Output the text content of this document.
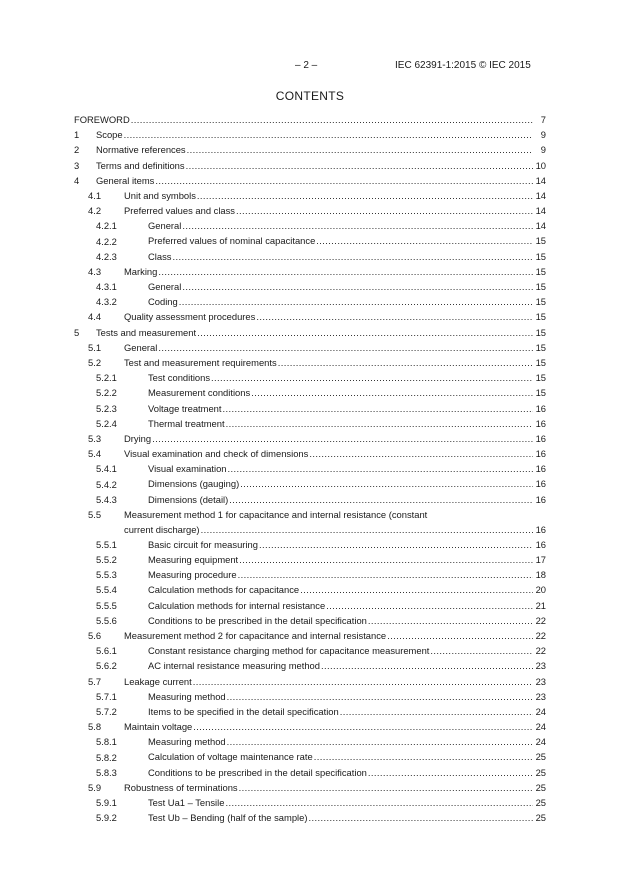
– 2 –	IEC 62391-1:2015 © IEC 2015
CONTENTS
FOREWORD .....	7
1 Scope .....	9
2 Normative references .....	9
3 Terms and definitions .....	10
4 General items .....	14
4.1 Unit and symbols .....	14
4.2 Preferred values and class .....	14
4.2.1	General .....	14
4.2.2	Preferred values of nominal capacitance .....	15
4.2.3	Class .....	15
4.3 Marking .....	15
4.3.1	General .....	15
4.3.2	Coding .....	15
4.4 Quality assessment procedures .....	15
5 Tests and measurement .....	15
5.1 General .....	15
5.2 Test and measurement requirements .....	15
5.2.1	Test conditions .....	15
5.2.2	Measurement conditions .....	15
5.2.3	Voltage treatment .....	16
5.2.4	Thermal treatment .....	16
5.3 Drying .....	16
5.4 Visual examination and check of dimensions .....	16
5.4.1	Visual examination .....	16
5.4.2	Dimensions (gauging) .....	16
5.4.3	Dimensions (detail) .....	16
5.5 Measurement method 1 for capacitance and internal resistance (constant
current discharge) .....	16
5.5.1	Basic circuit for measuring .....	16
5.5.2	Measuring equipment .....	17
5.5.3	Measuring procedure .....	18
5.5.4	Calculation methods for capacitance .....	20
5.5.5	Calculation methods for internal resistance .....	21
5.5.6	Conditions to be prescribed in the detail specification .....	22
5.6 Measurement method 2 for capacitance and internal resistance .....	22
5.6.1	Constant resistance charging method for capacitance measurement .....	22
5.6.2	AC internal resistance measuring method .....	23
5.7 Leakage current .....	23
5.7.1	Measuring method .....	23
5.7.2	Items to be specified in the detail specification .....	24
5.8 Maintain voltage .....	24
5.8.1	Measuring method .....	24
5.8.2	Calculation of voltage maintenance rate .....	25
5.8.3	Conditions to be prescribed in the detail specification .....	25
5.9 Robustness of terminations .....	25
5.9.1	Test Ua1 – Tensile .....	25
5.9.2	Test Ub – Bending (half of the sample) .....	25
